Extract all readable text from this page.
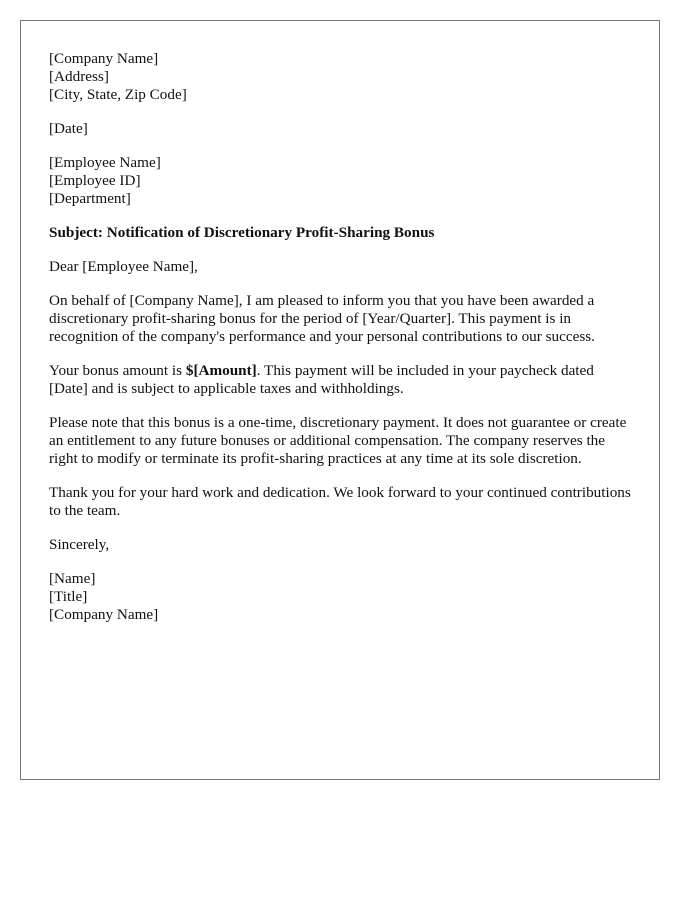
[Company Name]
[Address]
[City, State, Zip Code]
[Date]
[Employee Name]
[Employee ID]
[Department]
Subject: Notification of Discretionary Profit-Sharing Bonus

Dear [Employee Name],

On behalf of [Company Name], I am pleased to inform you that you have been awarded a discretionary profit-sharing bonus for the period of [Year/Quarter]. This payment is in recognition of the company's performance and your personal contributions to our success.

Your bonus amount is $[Amount]. This payment will be included in your paycheck dated [Date] and is subject to applicable taxes and withholdings.

Please note that this bonus is a one-time, discretionary payment. It does not guarantee or create an entitlement to any future bonuses or additional compensation. The company reserves the right to modify or terminate its profit-sharing practices at any time at its sole discretion.

Thank you for your hard work and dedication. We look forward to your continued contributions to the team.

Sincerely,

[Name]
[Title]
[Company Name]
